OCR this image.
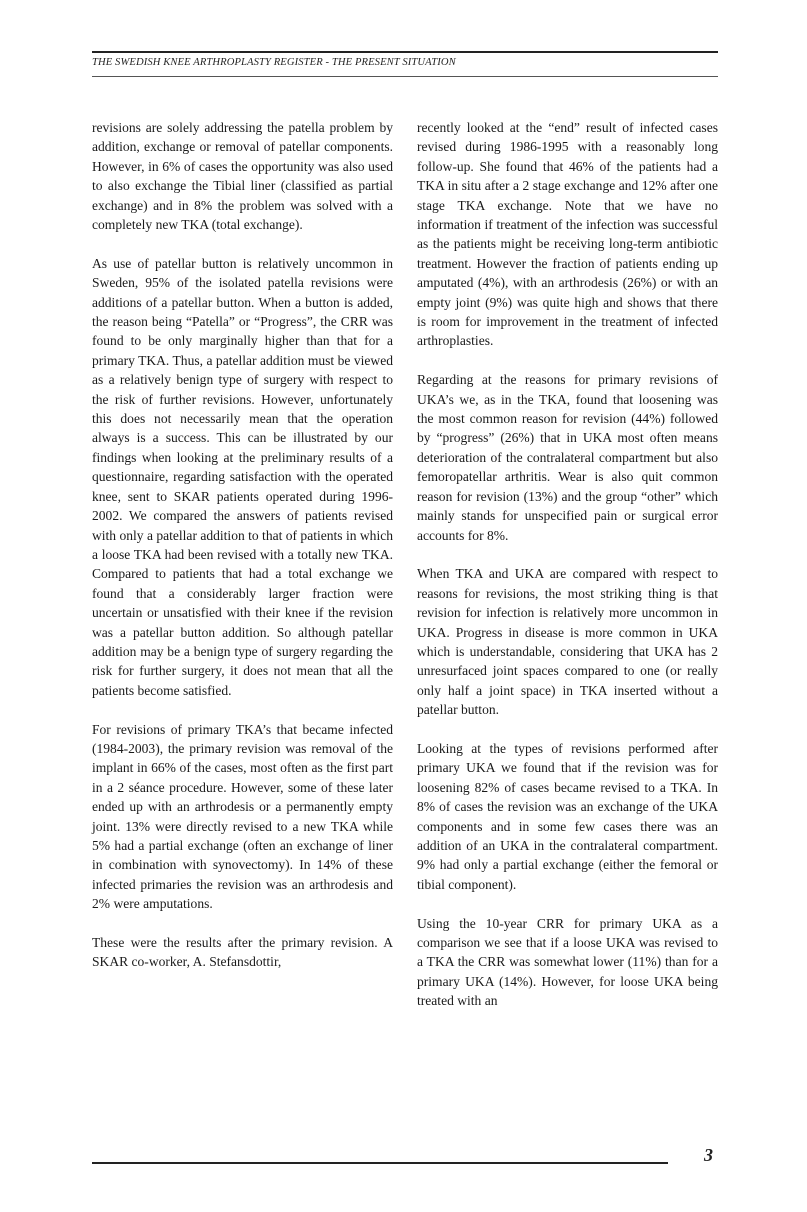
THE SWEDISH KNEE ARTHROPLASTY REGISTER - THE PRESENT SITUATION

revisions are solely addressing the patella problem by addition, exchange or removal of patellar components. However, in 6% of cases the opportunity was also used to also exchange the Tibial liner (classified as partial exchange) and in 8% the problem was solved with a completely new TKA (total exchange).

As use of patellar button is relatively uncommon in Sweden, 95% of the isolated patella revisions were additions of a patellar button. When a button is added, the reason being “Patella” or “Progress”, the CRR was found to be only marginally higher than that for a primary TKA. Thus, a patellar addition must be viewed as a relatively benign type of surgery with respect to the risk of further revisions. However, unfortunately this does not necessarily mean that the operation always is a success. This can be illustrated by our findings when looking at the preliminary results of a questionnaire, regarding satisfaction with the operated knee, sent to SKAR patients operated during 1996-2002. We compared the answers of patients revised with only a patellar addition to that of patients in which a loose TKA had been revised with a totally new TKA. Compared to patients that had a total exchange we found that a considerably larger fraction were uncertain or unsatisfied with their knee if the revision was a patellar button addition. So although patellar addition may be a benign type of surgery regarding the risk for further surgery, it does not mean that all the patients become satisfied.

For revisions of primary TKA’s that became infected (1984-2003), the primary revision was removal of the implant in 66% of the cases, most often as the first part in a 2 séance procedure. However, some of these later ended up with an arthrodesis or a permanently empty joint. 13% were directly revised to a new TKA while 5% had a partial exchange (often an exchange of liner in combination with synovectomy). In 14% of these infected primaries the revision was an arthrodesis and 2% were amputations.

These were the results after the primary revision. A SKAR co-worker, A. Stefansdottir,

recently looked at the “end” result of infected cases revised during 1986-1995 with a reasonably long follow-up. She found that 46% of the patients had a TKA in situ after a 2 stage exchange and 12% after one stage TKA exchange. Note that we have no information if treatment of the infection was successful as the patients might be receiving long-term antibiotic treatment. However the fraction of patients ending up amputated (4%), with an arthrodesis (26%) or with an empty joint (9%) was quite high and shows that there is room for improvement in the treatment of infected arthroplasties.

Regarding at the reasons for primary revisions of UKA’s we, as in the TKA, found that loosening was the most common reason for revision (44%) followed by “progress” (26%) that in UKA most often means deterioration of the contralateral compartment but also femoropatellar arthritis. Wear is also quit common reason for revision (13%) and the group “other” which mainly stands for unspecified pain or surgical error accounts for 8%.

When TKA and UKA are compared with respect to reasons for revisions, the most striking thing is that revision for infection is relatively more uncommon in UKA. Progress in disease is more common in UKA which is understandable, considering that UKA has 2 unresurfaced joint spaces compared to one (or really only half a joint space) in TKA inserted without a patellar button.

Looking at the types of revisions performed after primary UKA we found that if the revision was for loosening 82% of cases became revised to a TKA. In 8% of cases the revision was an exchange of the UKA components and in some few cases there was an addition of an UKA in the contralateral compartment. 9% had only a partial exchange (either the femoral or tibial component).

Using the 10-year CRR for primary UKA as a comparison we see that if a loose UKA was revised to a TKA the CRR was somewhat lower (11%) than for a primary UKA (14%). However, for loose UKA being treated with an

3
